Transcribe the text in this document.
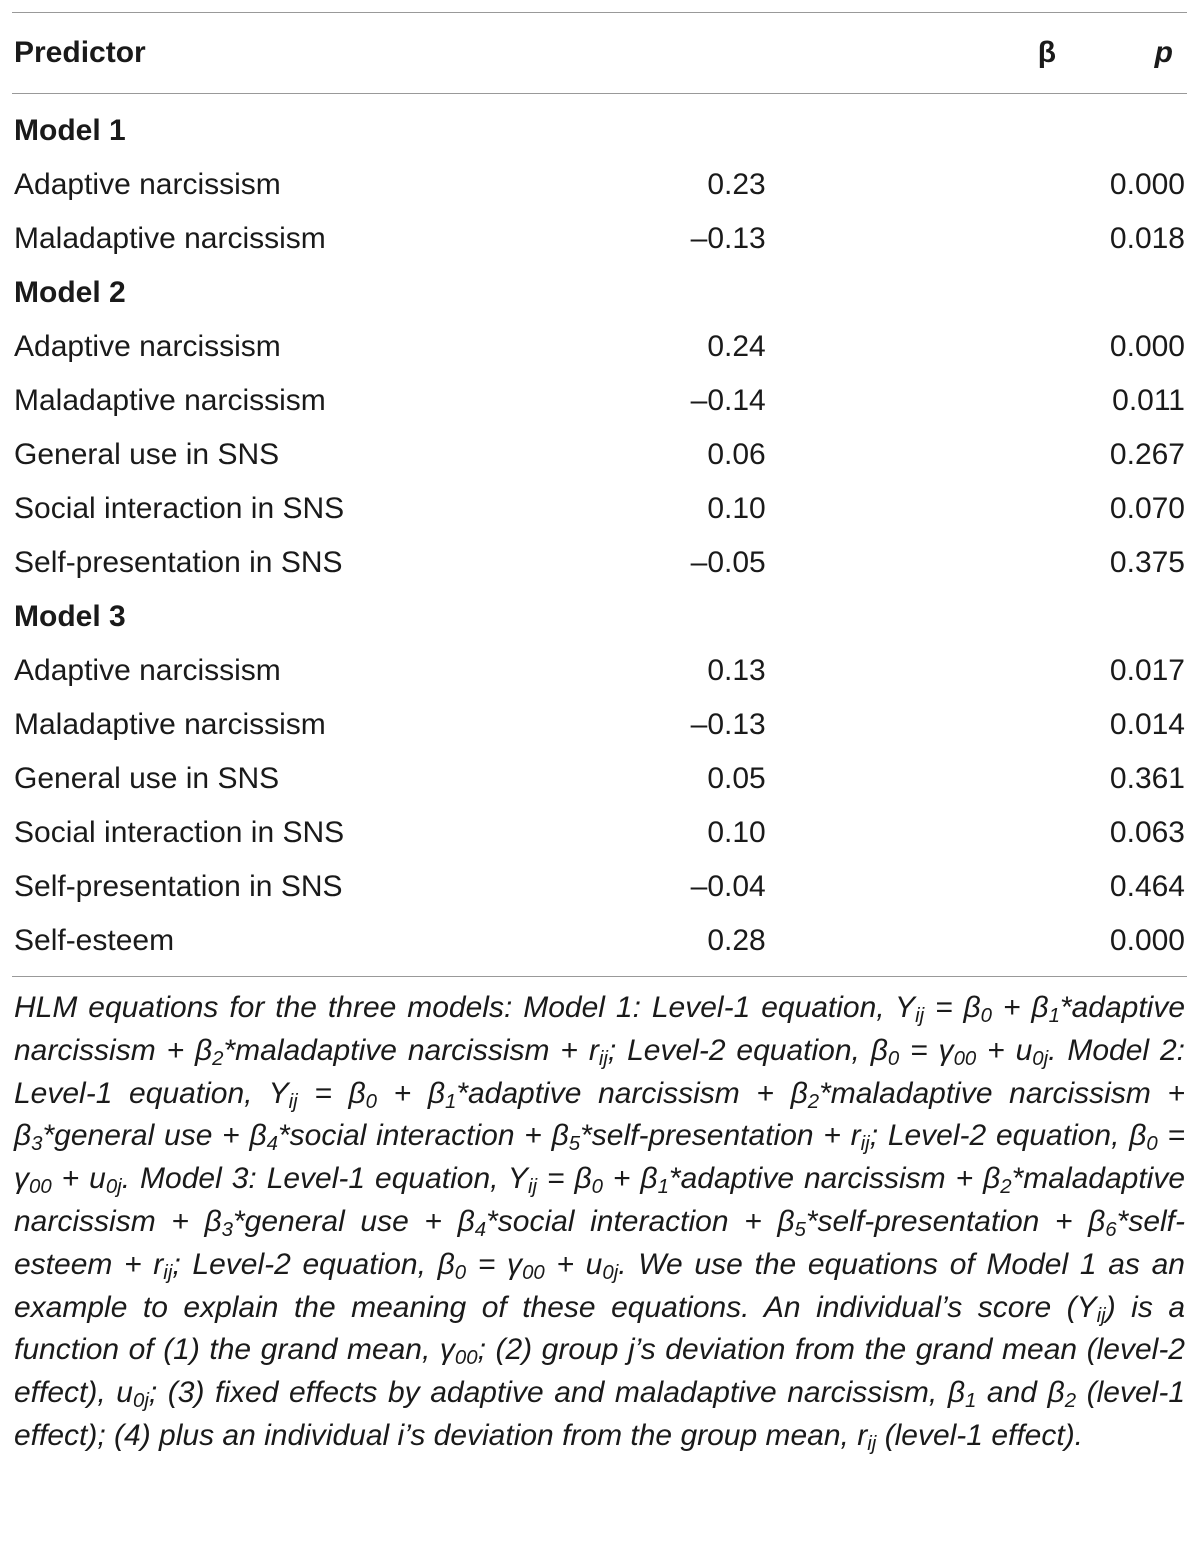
Predictor	β	p
Model 1
Adaptive narcissism	0.23	0.000
Maladaptive narcissism	–0.13	0.018
Model 2
Adaptive narcissism	0.24	0.000
Maladaptive narcissism	–0.14	0.011
General use in SNS	0.06	0.267
Social interaction in SNS	0.10	0.070
Self-presentation in SNS	–0.05	0.375
Model 3
Adaptive narcissism	0.13	0.017
Maladaptive narcissism	–0.13	0.014
General use in SNS	0.05	0.361
Social interaction in SNS	0.10	0.063
Self-presentation in SNS	–0.04	0.464
Self-esteem	0.28	0.000
HLM equations for the three models: Model 1: Level-1 equation, $Y_{ij} = \beta_0$ + $\beta_1*adaptive$ narcissism + $\beta_2*maladaptive$ narcissism + $r_{ij}$; Level-2 equation, $\beta_0 = \gamma_{00} + u_{0j}$. Model 2: Level-1 equation, $Y_{ij} = \beta_0$ + $\beta_1*adaptive$ narcissism + $\beta_2*maladaptive$ narcissism + $\beta_3*general$ use + $\beta_4*social$ interaction + $\beta_5*self$-presentation + $r_{ij}$; Level-2 equation, $\beta_0 = \gamma_{00} + u_{0j}$. Model 3: Level-1 equation, $Y_{ij} = \beta_0$ + $\beta_1*adaptive$ narcissism + $\beta_2*maladaptive$ narcissism + $\beta_3*general$ use + $\beta_4*social$ interaction + $\beta_5*self$-presentation + $\beta_6*self$-esteem + $r_{ij}$; Level-2 equation, $\beta_0 = \gamma_{00} + u_{0j}$. We use the equations of Model 1 as an example to explain the meaning of these equations. An individual’s score $(Y_{ij})$ is a function of (1) the grand mean, $\gamma_{00}$; (2) group j’s deviation from the grand mean (level-2 effect), $u_{0j}$; (3) fixed effects by adaptive and maladaptive narcissism, $\beta_1$ and $\beta_2$ (level-1 effect); (4) plus an individual i’s deviation from the group mean, $r_{ij}$ (level-1 effect).
